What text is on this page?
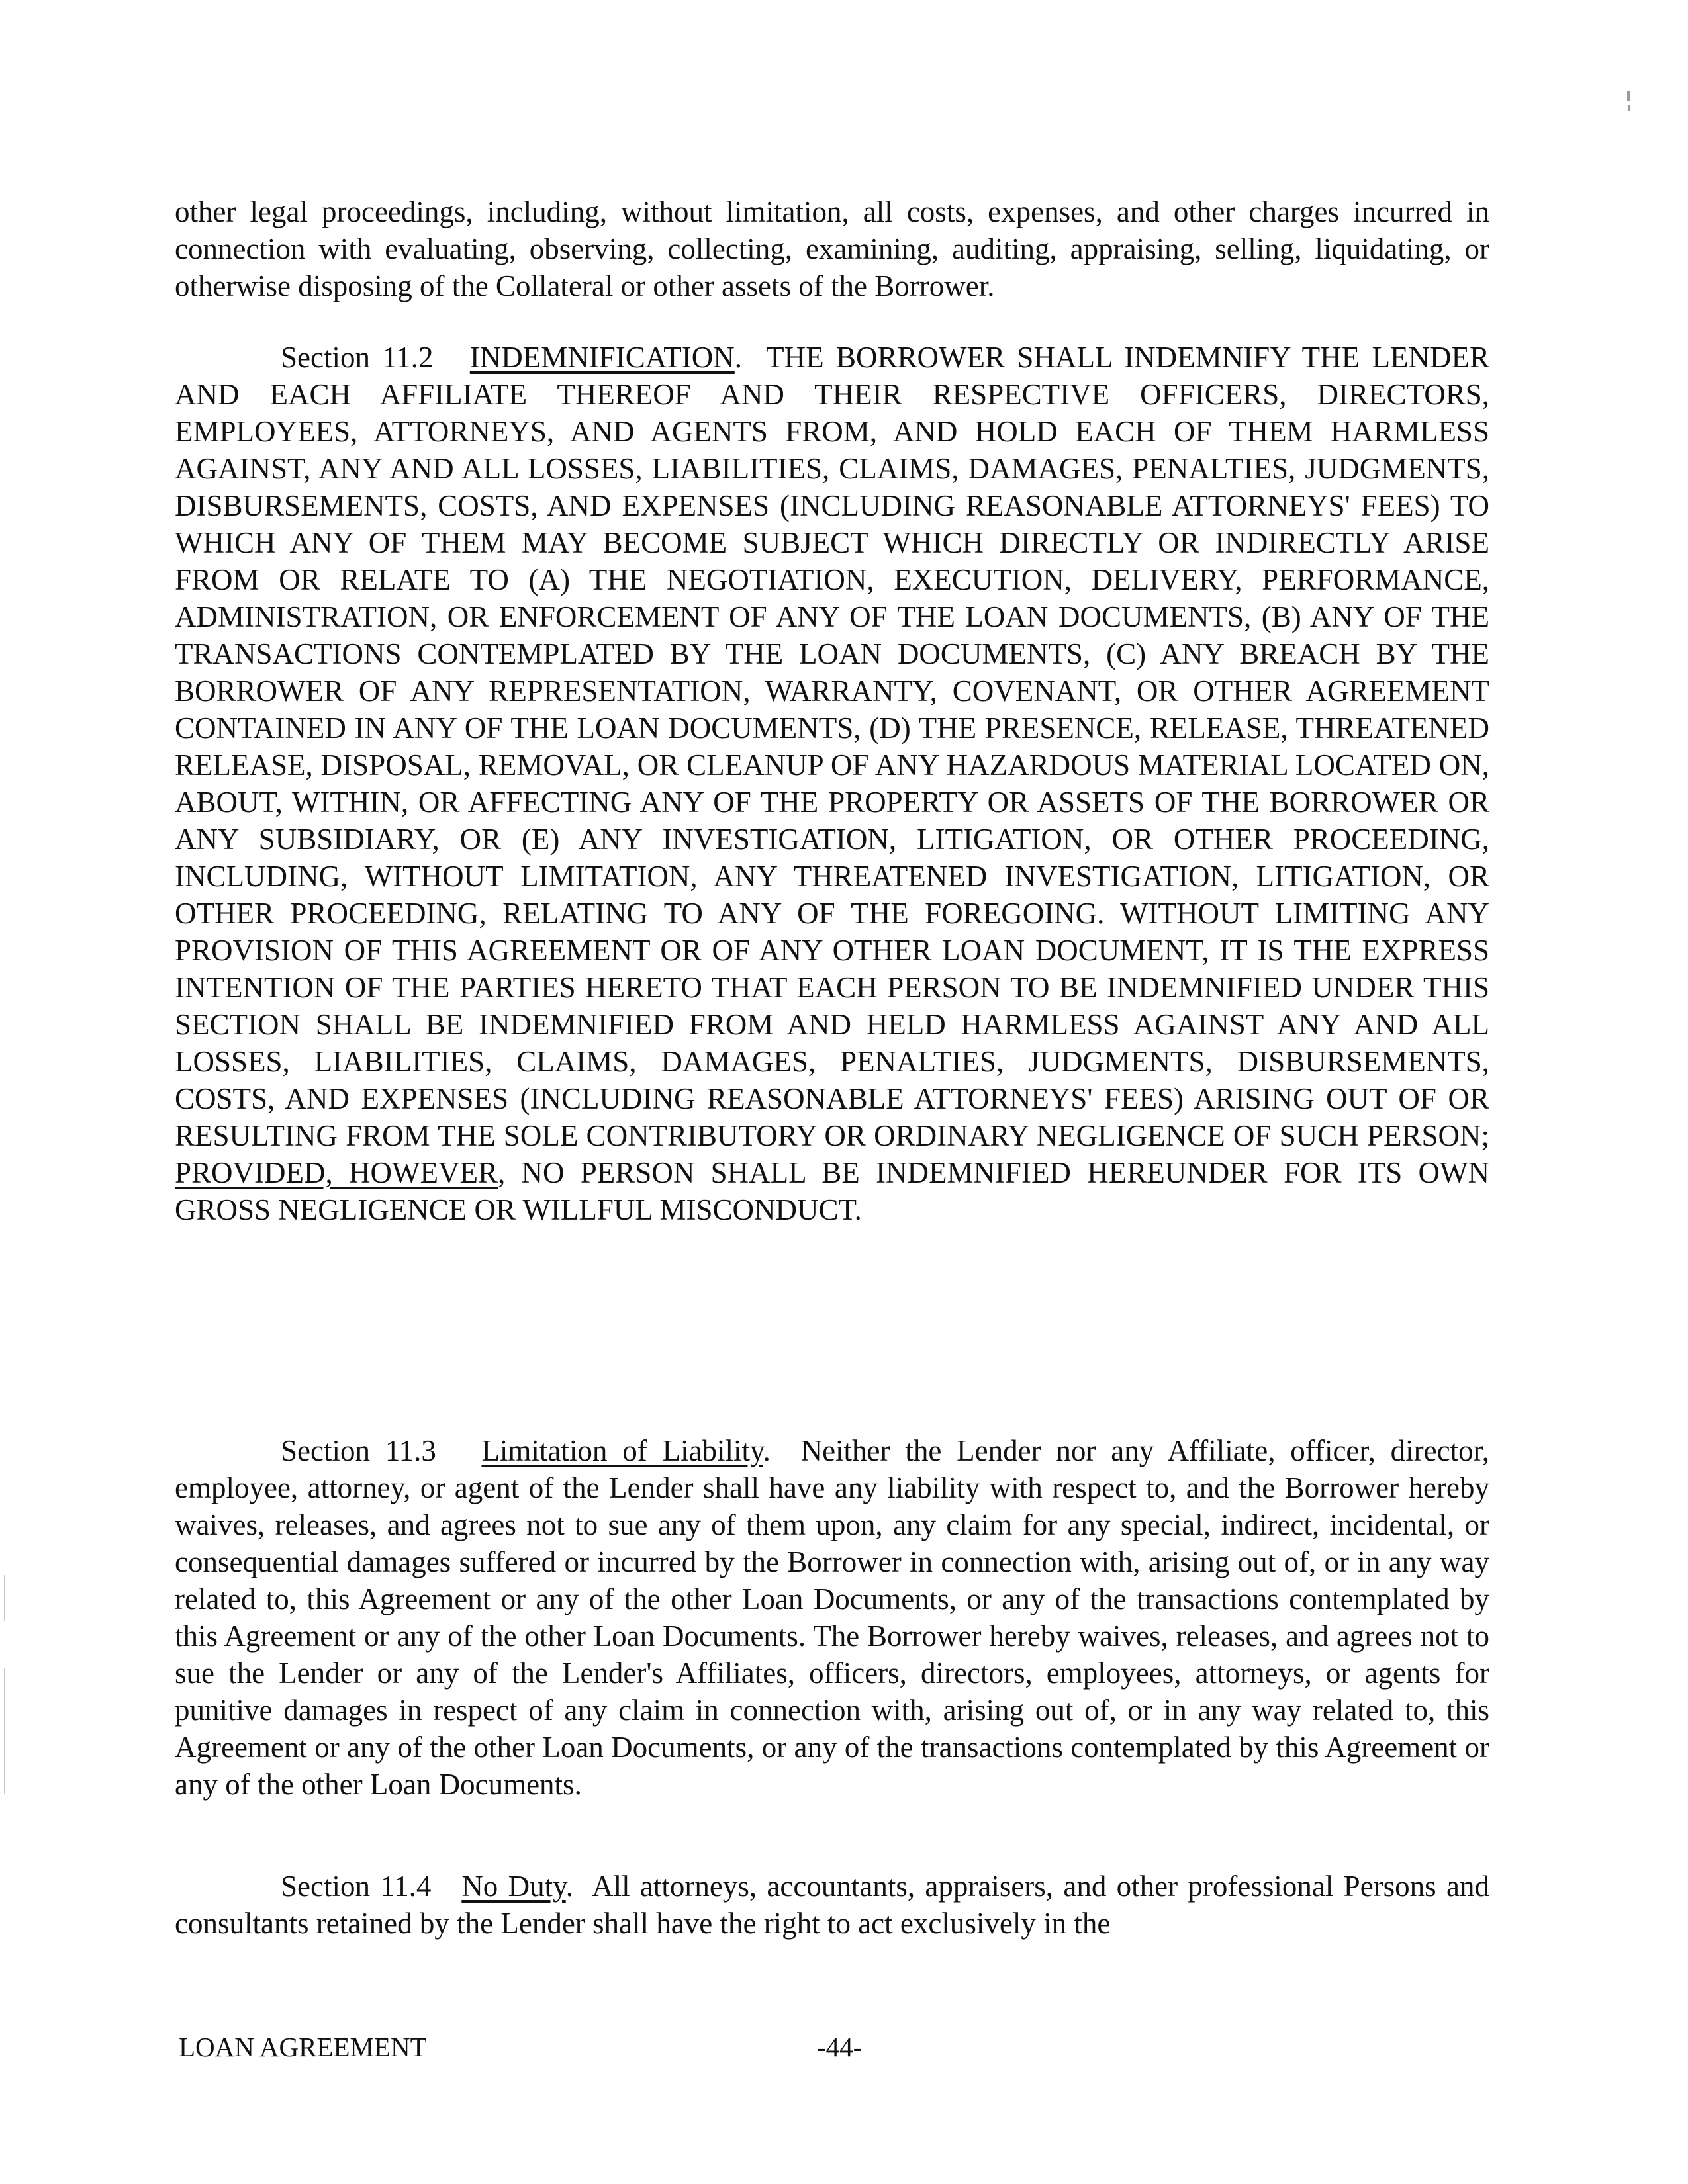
other legal proceedings, including, without limitation, all costs, expenses, and other charges incurred in connection with evaluating, observing, collecting, examining, auditing, appraising, selling, liquidating, or otherwise disposing of the Collateral or other assets of the Borrower.

Section 11.2 INDEMNIFICATION.  THE BORROWER SHALL INDEMNIFY THE LENDER AND EACH AFFILIATE THEREOF AND THEIR RESPECTIVE OFFICERS, DIRECTORS, EMPLOYEES, ATTORNEYS, AND AGENTS FROM, AND HOLD EACH OF THEM HARMLESS AGAINST, ANY AND ALL LOSSES, LIABILITIES, CLAIMS, DAMAGES, PENALTIES, JUDGMENTS, DISBURSEMENTS, COSTS, AND EXPENSES (INCLUDING REASONABLE ATTORNEYS' FEES) TO WHICH ANY OF THEM MAY BECOME SUBJECT WHICH DIRECTLY OR INDIRECTLY ARISE FROM OR RELATE TO (A) THE NEGOTIATION, EXECUTION, DELIVERY, PERFORMANCE, ADMINISTRATION, OR ENFORCEMENT OF ANY OF THE LOAN DOCUMENTS, (B) ANY OF THE TRANSACTIONS CONTEMPLATED BY THE LOAN DOCUMENTS, (C) ANY BREACH BY THE BORROWER OF ANY REPRESENTATION, WARRANTY, COVENANT, OR OTHER AGREEMENT CONTAINED IN ANY OF THE LOAN DOCUMENTS, (D) THE PRESENCE, RELEASE, THREATENED RELEASE, DISPOSAL, REMOVAL, OR CLEANUP OF ANY HAZARDOUS MATERIAL LOCATED ON, ABOUT, WITHIN, OR AFFECTING ANY OF THE PROPERTY OR ASSETS OF THE BORROWER OR ANY SUBSIDIARY, OR (E) ANY INVESTIGATION, LITIGATION, OR OTHER PROCEEDING, INCLUDING, WITHOUT LIMITATION, ANY THREATENED INVESTIGATION, LITIGATION, OR OTHER PROCEEDING, RELATING TO ANY OF THE FOREGOING. WITHOUT LIMITING ANY PROVISION OF THIS AGREEMENT OR OF ANY OTHER LOAN DOCUMENT, IT IS THE EXPRESS INTENTION OF THE PARTIES HERETO THAT EACH PERSON TO BE INDEMNIFIED UNDER THIS SECTION SHALL BE INDEMNIFIED FROM AND HELD HARMLESS AGAINST ANY AND ALL LOSSES, LIABILITIES, CLAIMS, DAMAGES, PENALTIES, JUDGMENTS, DISBURSEMENTS, COSTS, AND EXPENSES (INCLUDING REASONABLE ATTORNEYS' FEES) ARISING OUT OF OR RESULTING FROM THE SOLE CONTRIBUTORY OR ORDINARY NEGLIGENCE OF SUCH PERSON; PROVIDED, HOWEVER, NO PERSON SHALL BE INDEMNIFIED HEREUNDER FOR ITS OWN GROSS NEGLIGENCE OR WILLFUL MISCONDUCT.

Section 11.3 Limitation of Liability.  Neither the Lender nor any Affiliate, officer, director, employee, attorney, or agent of the Lender shall have any liability with respect to, and the Borrower hereby waives, releases, and agrees not to sue any of them upon, any claim for any special, indirect, incidental, or consequential damages suffered or incurred by the Borrower in connection with, arising out of, or in any way related to, this Agreement or any of the other Loan Documents, or any of the transactions contemplated by this Agreement or any of the other Loan Documents. The Borrower hereby waives, releases, and agrees not to sue the Lender or any of the Lender's Affiliates, officers, directors, employees, attorneys, or agents for punitive damages in respect of any claim in connection with, arising out of, or in any way related to, this Agreement or any of the other Loan Documents, or any of the transactions contemplated by this Agreement or any of the other Loan Documents.

Section 11.4 No Duty.  All attorneys, accountants, appraisers, and other professional Persons and consultants retained by the Lender shall have the right to act exclusively in the

LOAN AGREEMENT	-44-
